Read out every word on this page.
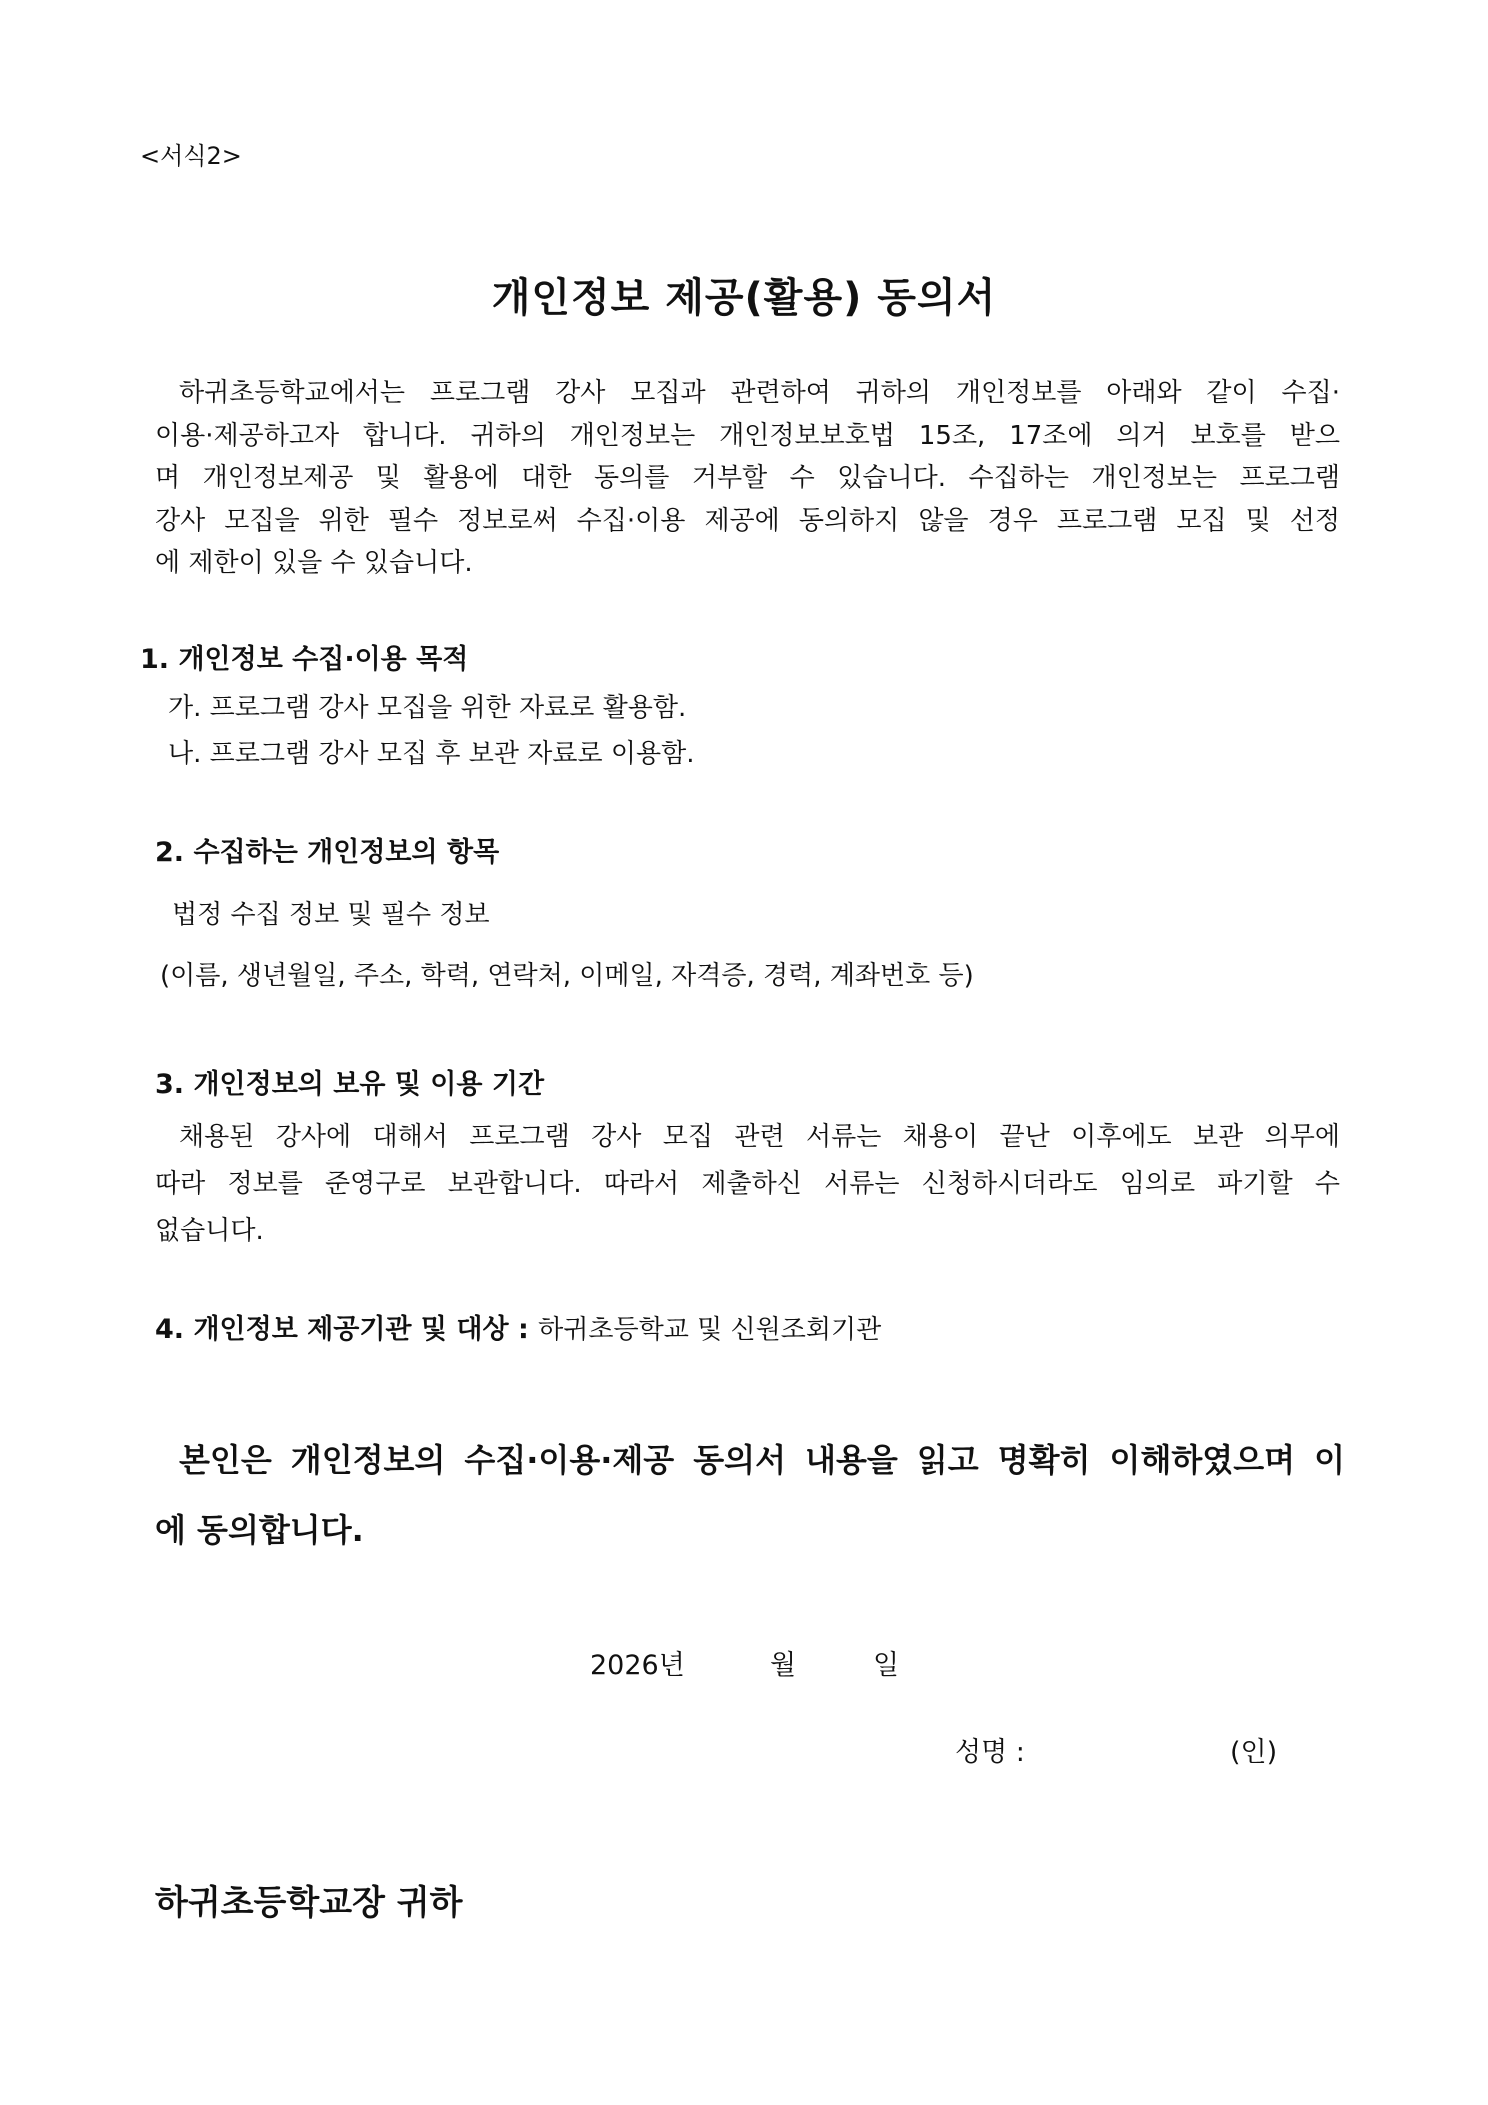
<서식2>
개인정보 제공(활용) 동의서
하귀초등학교에서는 프로그램 강사 모집과 관련하여 귀하의 개인정보를 아래와 같이 수집·
이용·제공하고자 합니다. 귀하의 개인정보는 개인정보보호법 15조, 17조에 의거 보호를 받으
며 개인정보제공 및 활용에 대한 동의를 거부할 수 있습니다. 수집하는 개인정보는 프로그램
강사 모집을 위한 필수 정보로써 수집·이용 제공에 동의하지 않을 경우 프로그램 모집 및 선정
에 제한이 있을 수 있습니다.
1. 개인정보 수집·이용 목적
가. 프로그램 강사 모집을 위한 자료로 활용함.
나. 프로그램 강사 모집 후 보관 자료로 이용함.
2. 수집하는 개인정보의 항목
법정 수집 정보 및 필수 정보
(이름, 생년월일, 주소, 학력, 연락처, 이메일, 자격증, 경력, 계좌번호 등)
3. 개인정보의 보유 및 이용 기간
채용된 강사에 대해서 프로그램 강사 모집 관련 서류는 채용이 끝난 이후에도 보관 의무에
따라 정보를 준영구로 보관합니다. 따라서 제출하신 서류는 신청하시더라도 임의로 파기할 수
없습니다.
4. 개인정보 제공기관 및 대상 : 하귀초등학교 및 신원조회기관
본인은 개인정보의 수집·이용·제공 동의서 내용을 읽고 명확히 이해하였으며 이
에 동의합니다.
2026년	월	일
성명 :	(인)
하귀초등학교장 귀하
